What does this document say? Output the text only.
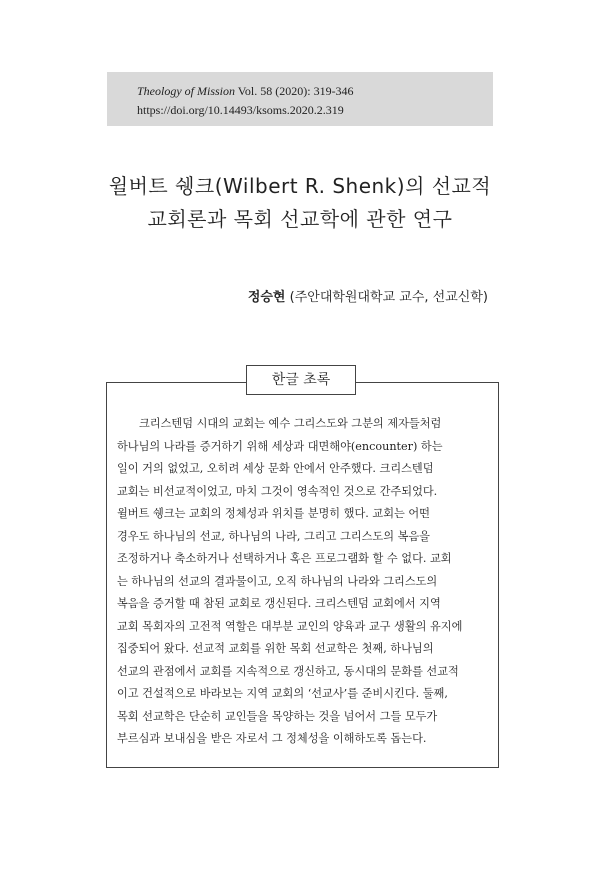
Theology of Mission Vol. 58 (2020): 319-346
https://doi.org/10.14493/ksoms.2020.2.319
윌버트 쉥크(Wilbert R. Shenk)의 선교적
교회론과 목회 선교학에 관한 연구
정승현 (주안대학원대학교 교수, 선교신학)
한글 초록
크리스텐덤 시대의 교회는 예수 그리스도와 그분의 제자들처럼
하나님의 나라를 증거하기 위해 세상과 대면해야(encounter) 하는
일이 거의 없었고, 오히려 세상 문화 안에서 안주했다. 크리스텐덤
교회는 비선교적이었고, 마치 그것이 영속적인 것으로 간주되었다.
윌버트 쉥크는 교회의 정체성과 위치를 분명히 했다. 교회는 어떤
경우도 하나님의 선교, 하나님의 나라, 그리고 그리스도의 복음을
조정하거나 축소하거나 선택하거나 혹은 프로그램화 할 수 없다. 교회
는 하나님의 선교의 결과물이고, 오직 하나님의 나라와 그리스도의
복음을 증거할 때 참된 교회로 갱신된다. 크리스텐덤 교회에서 지역
교회 목회자의 고전적 역할은 대부분 교인의 양육과 교구 생활의 유지에
집중되어 왔다. 선교적 교회를 위한 목회 선교학은 첫째, 하나님의
선교의 관점에서 교회를 지속적으로 갱신하고, 동시대의 문화를 선교적
이고 건설적으로 바라보는 지역 교회의 ‘선교사’를 준비시킨다. 둘째,
목회 선교학은 단순히 교인들을 목양하는 것을 넘어서 그들 모두가
부르심과 보내심을 받은 자로서 그 정체성을 이해하도록 돕는다.
